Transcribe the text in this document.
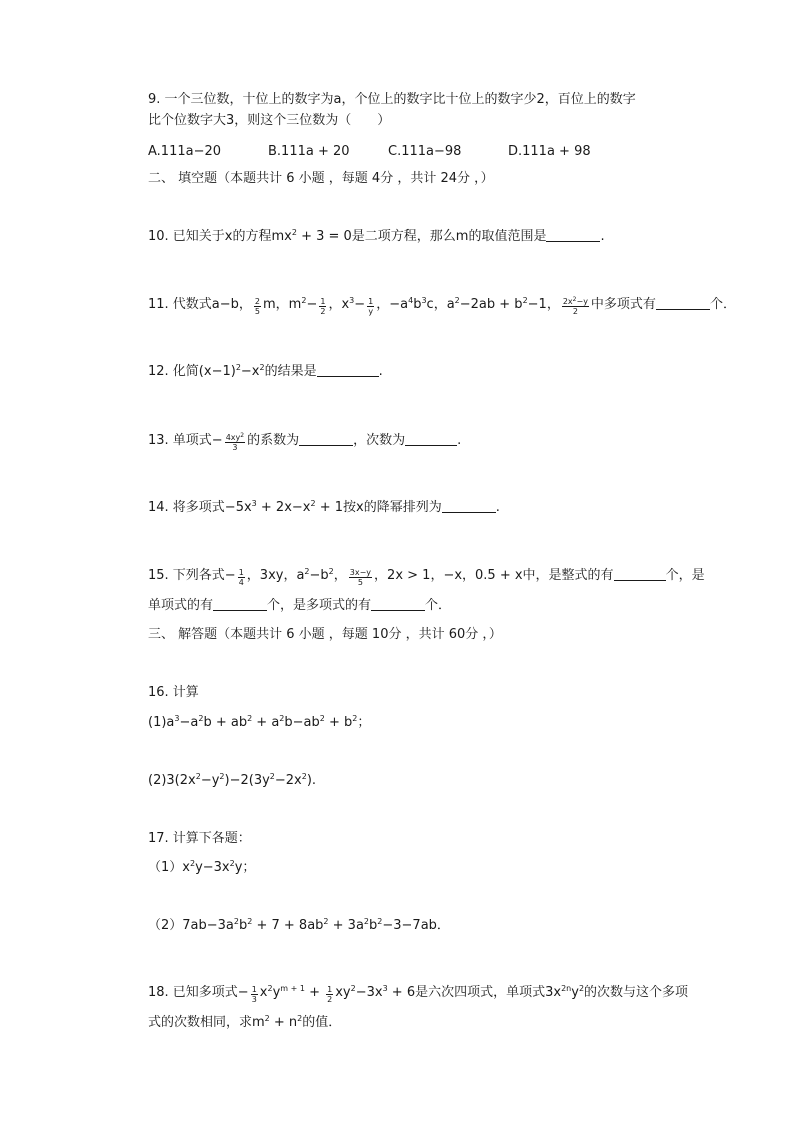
9. 一个三位数，十位上的数字为a，个位上的数字比十位上的数字少2，百位上的数字
比个位数字大3，则这个三位数为（　　）
A.111a−20	B.111a + 20	C.111a−98	D.111a + 98
二、 填空题（本题共计 6 小题 ，每题 4分 ，共计 24分 ，）
10. 已知关于x的方程$mx^2 + 3 = 0$是二项方程，那么m的取值范围是	.
11. 代数式a−b， $\frac{2}{5}$ m，$m^2- \frac{1}{2}$ ，$x^3- \frac{1}{y}$ ，$-a^4b^3c$，$a^2-2ab + b^2-1$， $\frac{2x^2-y}{2}$ 中多项式有	个．
12. 化简$(x-1)^2-x^2$的结果是	.
13. 单项式− $\frac{4xy^2}{3}$ 的系数为	，次数为	.
14. 将多项式$-5x^3 + 2x-x^2 + 1$按x的降幂排列为	.
15. 下列各式− $\frac{1}{4}$ ，3xy，$a^2-b^2$， $\frac{3x-y}{5}$ ，2x > 1，−x，0.5 + x中，是整式的有	个，是
单项式的有	个，是多项式的有	个．
三、 解答题（本题共计 6 小题 ，每题 10分 ，共计 60分 ，）
16. 计算
$(1)a^3-a^2b + ab^2 + a^2b-ab^2 + b^2$；
$(2)3(2x^2-y^2)-2(3y^2-2x^2)$.
17. 计算下各题：
$(1)x^2y-3x^2y$；
$(2)7ab-3a^2b^2 + 7 + 8ab^2 + 3a^2b^2-3-7ab$．
18. 已知多项式− $\frac{1}{3} x^2y^{m + 1} + \frac{1}{2} xy^2-3x^3 + 6$是六次四项式，单项式$3x^{2n}y^2$的次数与这个多项
式的次数相同，求$m^2 + n^2$的值．
